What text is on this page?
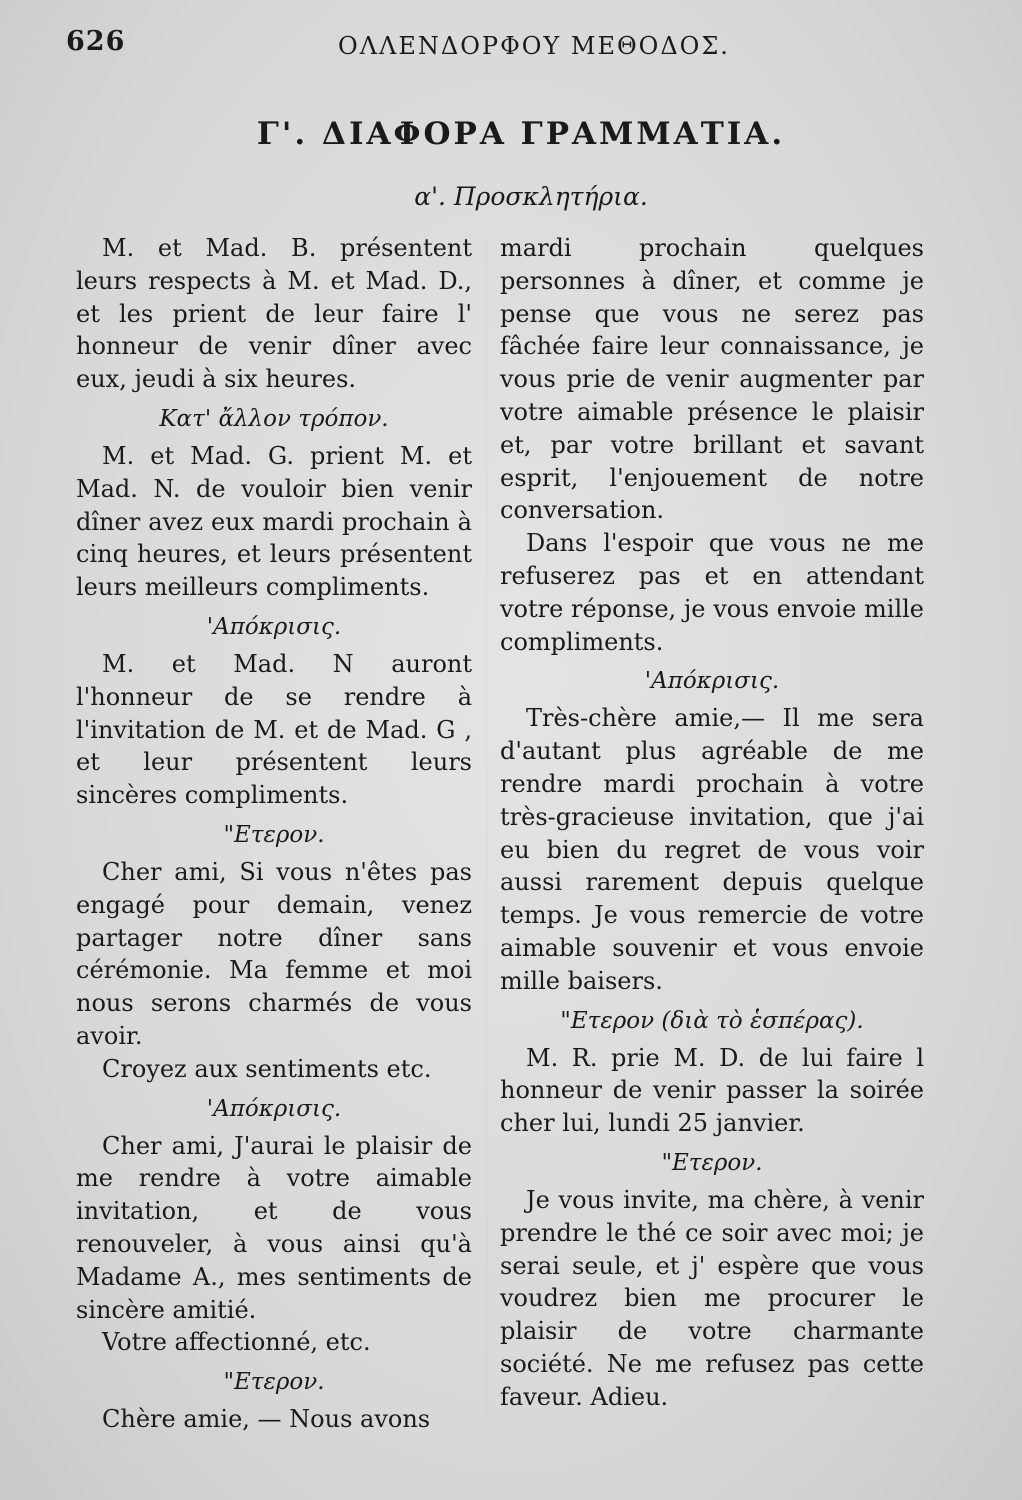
626	ΟΛΛΕΝΔΟΡΦΟΥ ΜΕΘΟΔΟΣ.
Γ'. ΔΙΑΦΟΡΑ ΓΡΑΜΜΑΤΙΑ.
α'. Προσκλητήρια.

M. et Mad. B. présentent leurs respects à M. et Mad. D., et les prient de leur faire l' honneur de venir dîner avec eux, jeudi à six heures.

Κατ' ἄλλον τρόπον.

M. et Mad. G. prient M. et Mad. N. de vouloir bien venir dîner avez eux mardi prochain à cinq heures, et leurs présentent leurs meilleurs compliments.

'Απόκρισις.

M. et Mad. N auront l'honneur de se rendre à l'invitation de M. et de Mad. G , et leur présentent leurs sincères compliments.

"Ετερον.

Cher ami, Si vous n'êtes pas engagé pour demain, venez partager notre dîner sans cérémonie. Ma femme et moi nous serons charmés de vous avoir.

Croyez aux sentiments etc.

'Απόκρισις.

Cher ami, J'aurai le plaisir de me rendre à votre aimable invitation, et de vous renouveler, à vous ainsi qu'à Madame A., mes sentiments de sincère amitié.

Votre affectionné, etc.

"Ετερον.

Chère amie, — Nous avons

mardi prochain quelques personnes à dîner, et comme je pense que vous ne serez pas fâchée faire leur connaissance, je vous prie de venir augmenter par votre aimable présence le plaisir et, par votre brillant et savant esprit, l'enjouement de notre conversation.

Dans l'espoir que vous ne me refuserez pas et en attendant votre réponse, je vous envoie mille compliments.

'Απόκρισις.

Très-chère amie,— Il me sera d'autant plus agréable de me rendre mardi prochain à votre très-gracieuse invitation, que j'ai eu bien du regret de vous voir aussi rarement depuis quelque temps. Je vous remercie de votre aimable souvenir et vous envoie mille baisers.

"Ετερον (διὰ τὸ ἑσπέρας).

M. R. prie M. D. de lui faire l honneur de venir passer la soirée cher lui, lundi 25 janvier.

"Ετερον.

Je vous invite, ma chère, à venir prendre le thé ce soir avec moi; je serai seule, et j' espère que vous voudrez bien me procurer le plaisir de votre charmante société. Ne me refusez pas cette faveur. Adieu.
